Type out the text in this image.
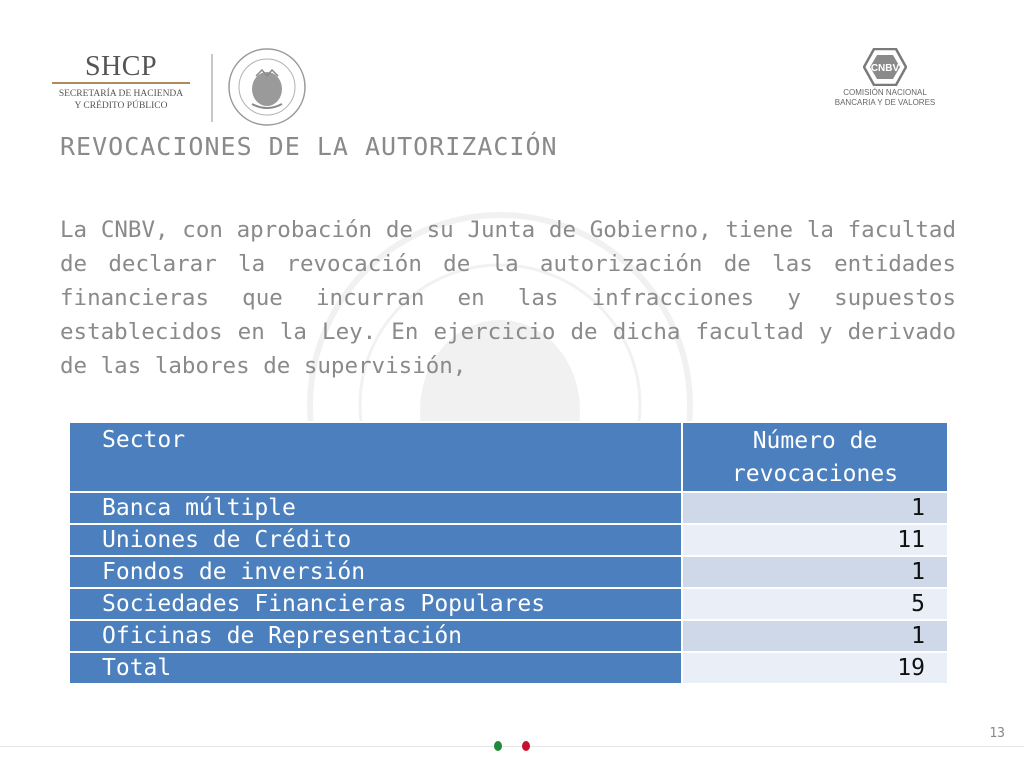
SHCP
SECRETARÍA DE HACIENDA
Y CRÉDITO PÚBLICO
CNBV
COMISIÓN NACIONAL
BANCARIA Y DE VALORES
REVOCACIONES DE LA AUTORIZACIÓN

La CNBV, con aprobación de su Junta de Gobierno, tiene la facultad de declarar la revocación de la autorización de las entidades financieras que incurran en las infracciones y supuestos establecidos en la Ley. En ejercicio de dicha facultad y derivado de las labores de supervisión,

Sector	Número de revocaciones
Banca múltiple	1
Uniones de Crédito	11
Fondos de inversión	1
Sociedades Financieras Populares	5
Oficinas de Representación	1
Total	19
13
